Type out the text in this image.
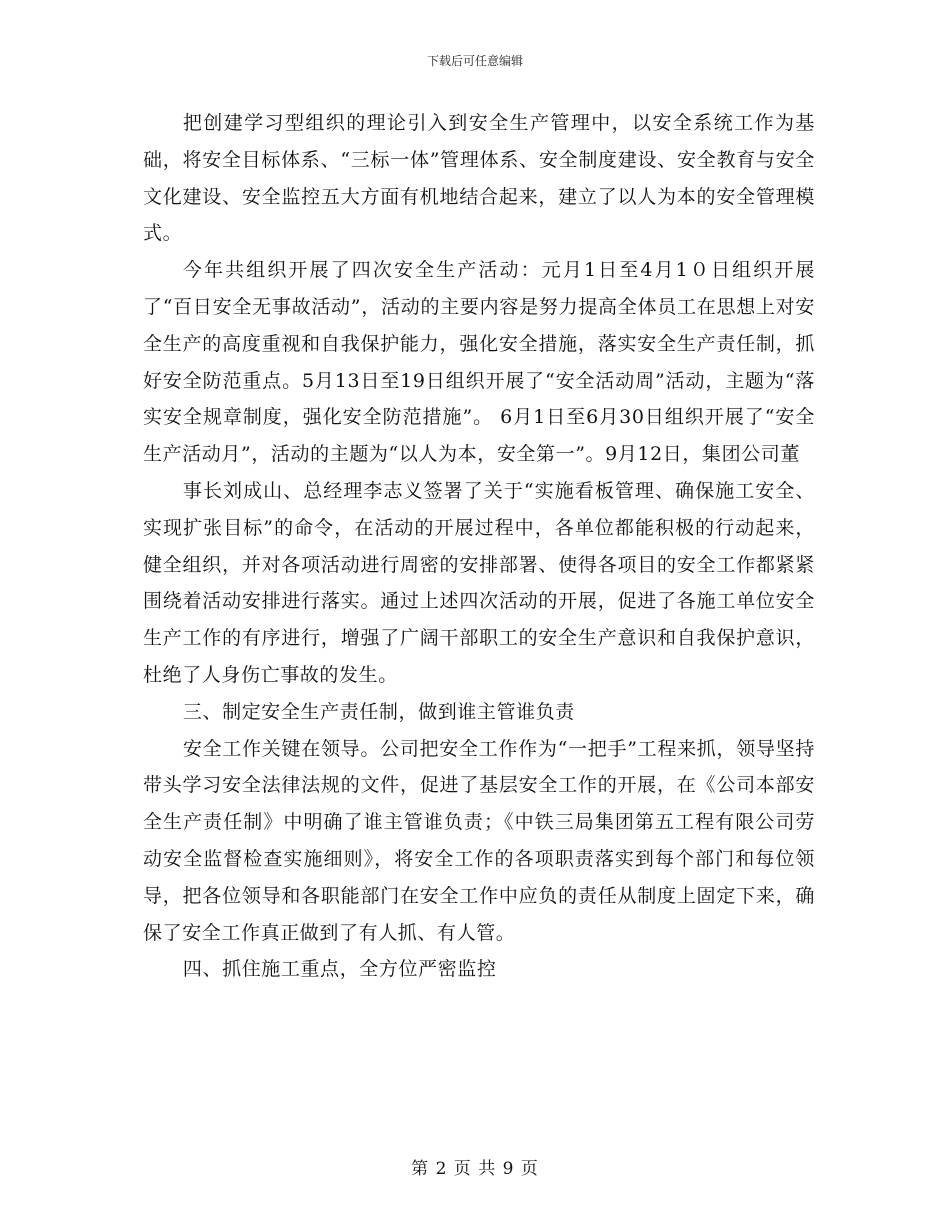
下载后可任意编辑

把创建学习型组织的理论引入到安全生产管理中，以安全系统工作为基础，将安全目标体系、“三标一体”管理体系、安全制度建设、安全教育与安全文化建设、安全监控五大方面有机地结合起来，建立了以人为本的安全管理模式。

今年共组织开展了四次安全生产活动：元月1日至4月1０日组织开展了“百日安全无事故活动”，活动的主要内容是努力提高全体员工在思想上对安全生产的高度重视和自我保护能力，强化安全措施，落实安全生产责任制，抓好安全防范重点。5月13日至19日组织开展了“安全活动周”活动，主题为“落实安全规章制度，强化安全防范措施”。 6月1日至6月30日组织开展了“安全生产活动月”，活动的主题为“以人为本，安全第一”。9月12日，集团公司董

事长刘成山、总经理李志义签署了关于“实施看板管理、确保施工安全、实现扩张目标”的命令，在活动的开展过程中，各单位都能积极的行动起来，健全组织，并对各项活动进行周密的安排部署、使得各项目的安全工作都紧紧围绕着活动安排进行落实。通过上述四次活动的开展，促进了各施工单位安全生产工作的有序进行，增强了广阔干部职工的安全生产意识和自我保护意识，杜绝了人身伤亡事故的发生。

三、制定安全生产责任制，做到谁主管谁负责

安全工作关键在领导。公司把安全工作作为“一把手”工程来抓，领导坚持带头学习安全法律法规的文件，促进了基层安全工作的开展，在《公司本部安全生产责任制》中明确了谁主管谁负责；《中铁三局集团第五工程有限公司劳动安全监督检查实施细则》，将安全工作的各项职责落实到每个部门和每位领导，把各位领导和各职能部门在安全工作中应负的责任从制度上固定下来，确保了安全工作真正做到了有人抓、有人管。

四、抓住施工重点，全方位严密监控

第 2 页 共 9 页
